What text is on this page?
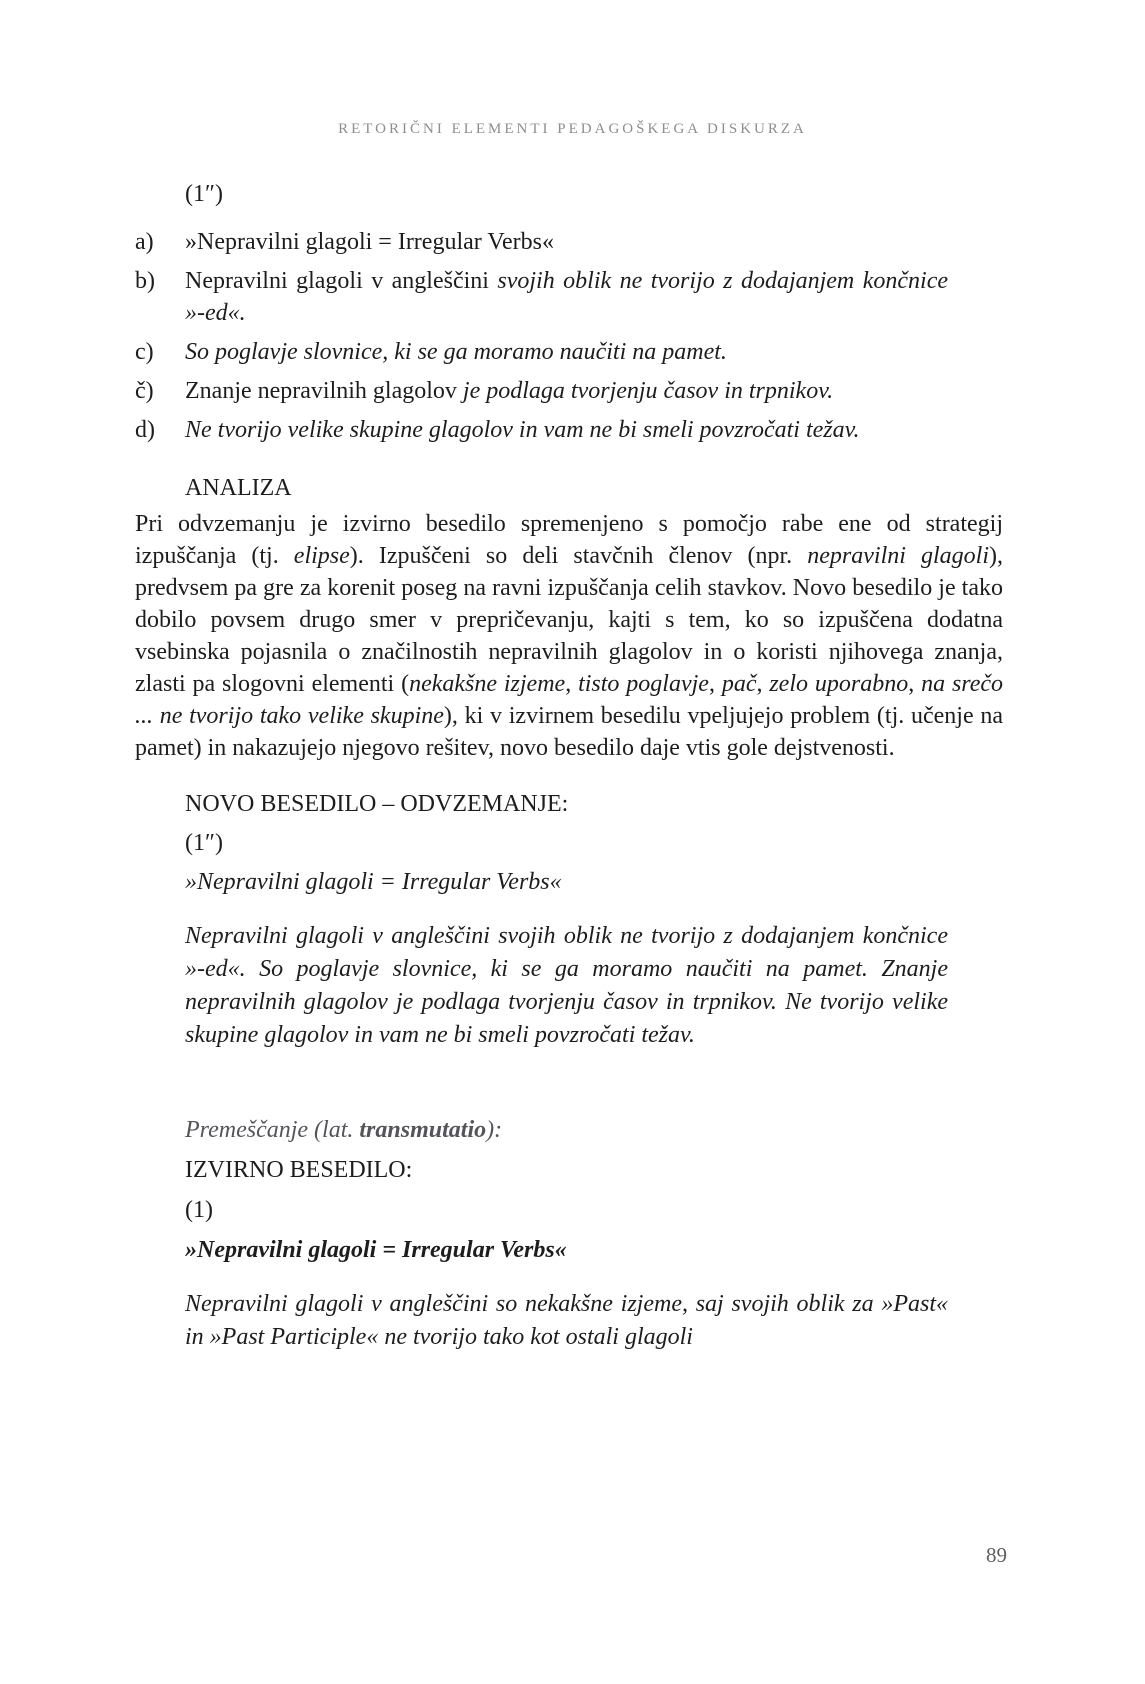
RETORIČNI ELEMENTI PEDAGOŠKEGA DISKURZA

(1″)

a)	»Nepravilni glagoli = Irregular Verbs«
b)	Nepravilni glagoli v angleščini svojih oblik ne tvorijo z dodajanjem končnice »-ed«.
c)	So poglavje slovnice, ki se ga moramo naučiti na pamet.
č)	Znanje nepravilnih glagolov je podlaga tvorjenju časov in trpnikov.
d)	Ne tvorijo velike skupine glagolov in vam ne bi smeli povzročati težav.

ANALIZA

Pri odvzemanju je izvirno besedilo spremenjeno s pomočjo rabe ene od strategij izpuščanja (tj. elipse). Izpuščeni so deli stavčnih členov (npr. nepravilni glagoli), predvsem pa gre za korenit poseg na ravni izpuščanja celih stavkov. Novo besedilo je tako dobilo povsem drugo smer v prepričevanju, kajti s tem, ko so izpuščena dodatna vsebinska pojasnila o značilnostih nepravilnih glagolov in o koristi njihovega znanja, zlasti pa slogovni elementi (nekakšne izjeme, tisto poglavje, pač, zelo uporabno, na srečo ... ne tvorijo tako velike skupine), ki v izvirnem besedilu vpeljujejo problem (tj. učenje na pamet) in nakazujejo njegovo rešitev, novo besedilo daje vtis gole dejstvenosti.

NOVO BESEDILO – ODVZEMANJE:

(1″)

»Nepravilni glagoli = Irregular Verbs«

Nepravilni glagoli v angleščini svojih oblik ne tvorijo z dodajanjem končnice »-ed«. So poglavje slovnice, ki se ga moramo naučiti na pamet. Znanje nepravilnih glagolov je podlaga tvorjenju časov in trpnikov. Ne tvorijo velike skupine glagolov in vam ne bi smeli povzročati težav.

Premeščanje (lat. transmutatio):

IZVIRNO BESEDILO:

(1)

»Nepravilni glagoli = Irregular Verbs«

Nepravilni glagoli v angleščini so nekakšne izjeme, saj svojih oblik za »Past« in »Past Participle« ne tvorijo tako kot ostali glagoli

89
